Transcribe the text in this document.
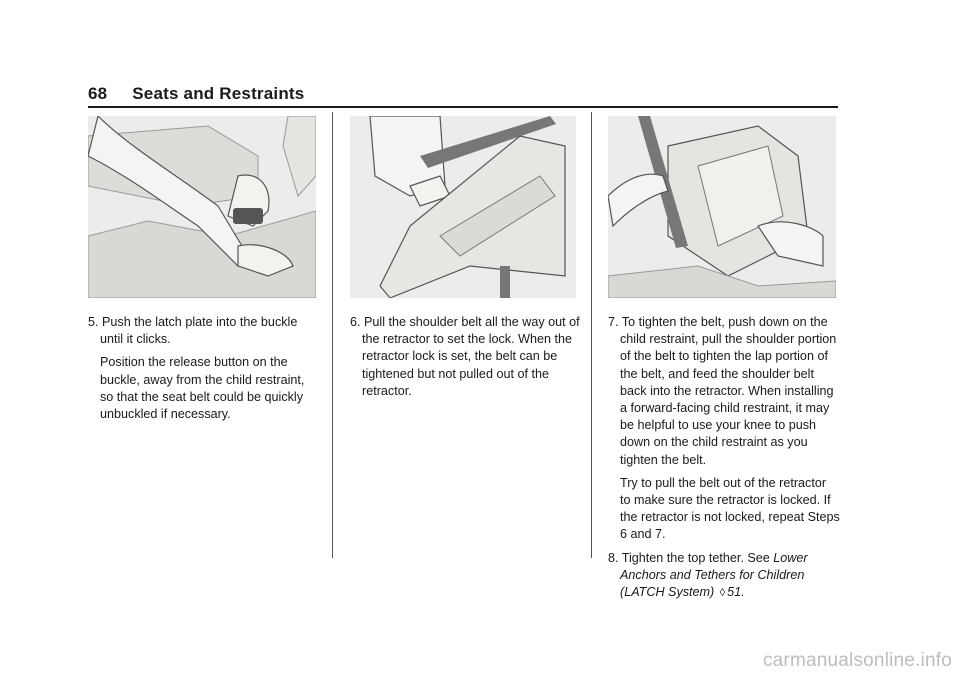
68 Seats and Restraints

5. Push the latch plate into the buckle until it clicks.

Position the release button on the buckle, away from the child restraint, so that the seat belt could be quickly unbuckled if necessary.

6. Pull the shoulder belt all the way out of the retractor to set the lock. When the retractor lock is set, the belt can be tightened but not pulled out of the retractor.

7. To tighten the belt, push down on the child restraint, pull the shoulder portion of the belt to tighten the lap portion of the belt, and feed the shoulder belt back into the retractor. When installing a forward-facing child restraint, it may be helpful to use your knee to push down on the child restraint as you tighten the belt.

Try to pull the belt out of the retractor to make sure the retractor is locked. If the retractor is not locked, repeat Steps 6 and 7.

8. Tighten the top tether. See Lower Anchors and Tethers for Children (LATCH System) ◊ 51.

carmanualsonline.info
